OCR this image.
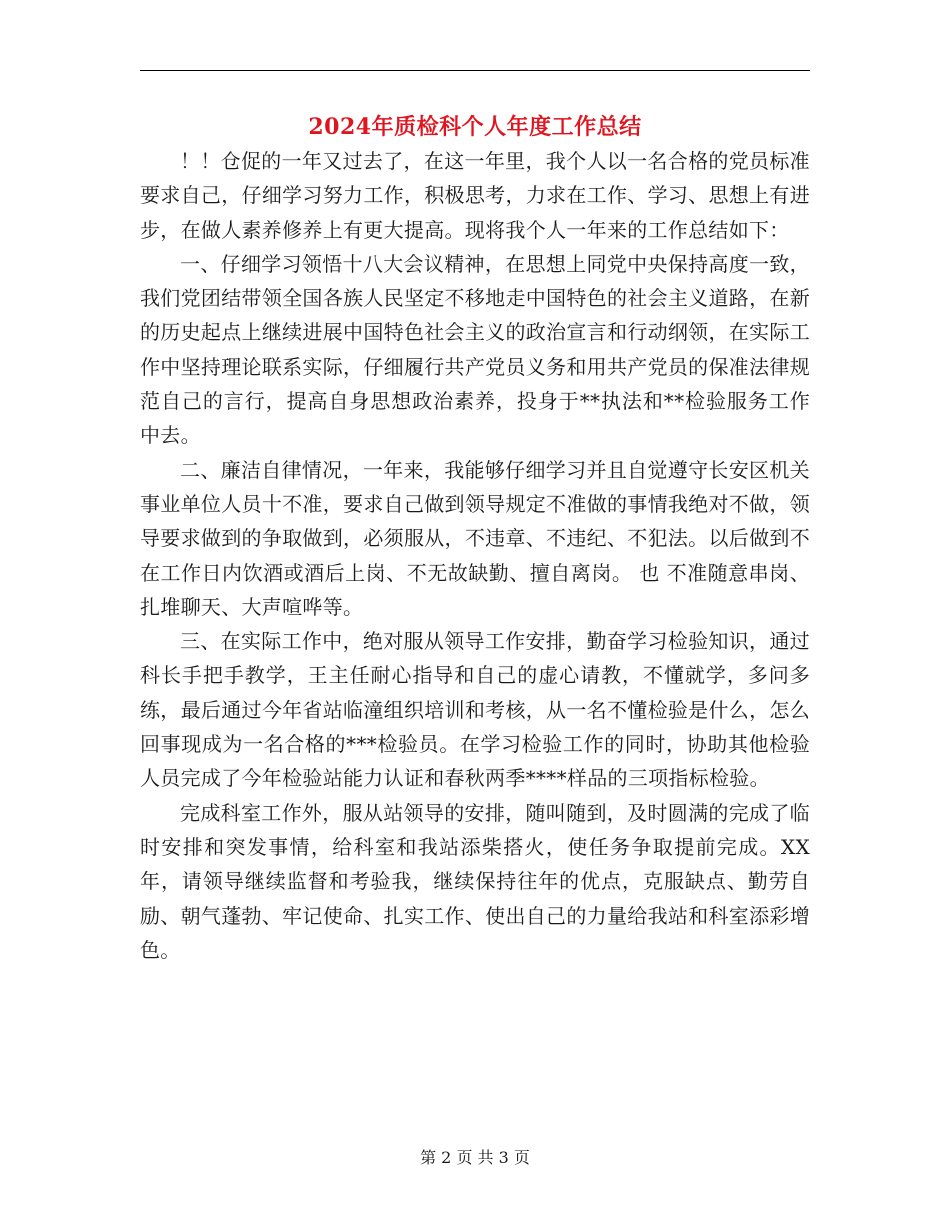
2024年质检科个人年度工作总结

！！仓促的一年又过去了，在这一年里，我个人以一名合格的党员标准要求自己，仔细学习努力工作，积极思考，力求在工作、学习、思想上有进步，在做人素养修养上有更大提高。现将我个人一年来的工作总结如下：

一、仔细学习领悟十八大会议精神，在思想上同党中央保持高度一致，我们党团结带领全国各族人民坚定不移地走中国特色的社会主义道路，在新的历史起点上继续进展中国特色社会主义的政治宣言和行动纲领，在实际工作中坚持理论联系实际，仔细履行共产党员义务和用共产党员的保准法律规范自己的言行，提高自身思想政治素养，投身于**执法和**检验服务工作中去。

二、廉洁自律情况，一年来，我能够仔细学习并且自觉遵守长安区机关事业单位人员十不准，要求自己做到领导规定不准做的事情我绝对不做，领导要求做到的争取做到，必须服从，不违章、不违纪、不犯法。以后做到不在工作日内饮酒或酒后上岗、不无故缺勤、擅自离岗。 也 不准随意串岗、扎堆聊天、大声喧哗等。

三、在实际工作中，绝对服从领导工作安排，勤奋学习检验知识，通过科长手把手教学，王主任耐心指导和自己的虚心请教，不懂就学，多问多练，最后通过今年省站临潼组织培训和考核，从一名不懂检验是什么，怎么回事现成为一名合格的***检验员。在学习检验工作的同时，协助其他检验人员完成了今年检验站能力认证和春秋两季****样品的三项指标检验。

完成科室工作外，服从站领导的安排，随叫随到，及时圆满的完成了临时安排和突发事情，给科室和我站添柴搭火，使任务争取提前完成。XX年，请领导继续监督和考验我，继续保持往年的优点，克服缺点、勤劳自励、朝气蓬勃、牢记使命、扎实工作、使出自己的力量给我站和科室添彩增色。

第 2 页 共 3 页
